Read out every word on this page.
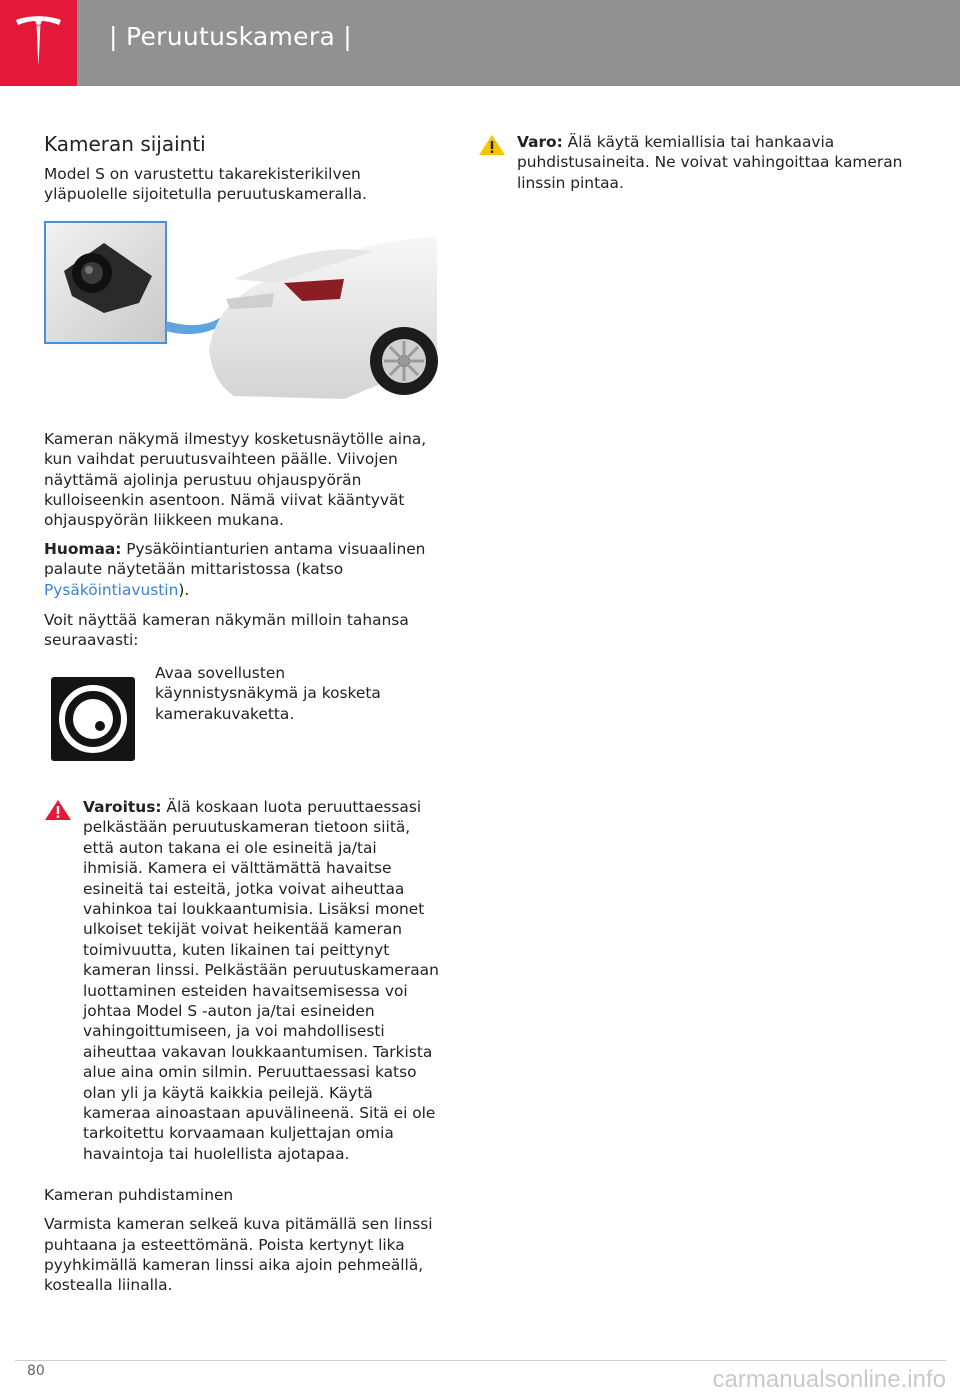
| Peruutuskamera |
Kameran sijainti

Model S on varustettu takarekisterikilven yläpuolelle sijoitetulla peruutuskameralla.

Kameran näkymä ilmestyy kosketusnäytölle aina, kun vaihdat peruutusvaihteen päälle. Viivojen näyttämä ajolinja perustuu ohjauspyörän kulloiseenkin asentoon. Nämä viivat kääntyvät ohjauspyörän liikkeen mukana.

Huomaa: Pysäköintianturien antama visuaalinen palaute näytetään mittaristossa (katso Pysäköintiavustin).

Voit näyttää kameran näkymän milloin tahansa seuraavasti:

Avaa sovellusten käynnistysnäkymä ja kosketa kamerakuvaketta.

Varoitus: Älä koskaan luota peruuttaessasi pelkästään peruutuskameran tietoon siitä, että auton takana ei ole esineitä ja/tai ihmisiä. Kamera ei välttämättä havaitse esineitä tai esteitä, jotka voivat aiheuttaa vahinkoa tai loukkaantumisia. Lisäksi monet ulkoiset tekijät voivat heikentää kameran toimivuutta, kuten likainen tai peittynyt kameran linssi. Pelkästään peruutuskameraan luottaminen esteiden havaitsemisessa voi johtaa Model S -auton ja/tai esineiden vahingoittumiseen, ja voi mahdollisesti aiheuttaa vakavan loukkaantumisen. Tarkista alue aina omin silmin. Peruuttaessasi katso olan yli ja käytä kaikkia peilejä. Käytä kameraa ainoastaan apuvälineenä. Sitä ei ole tarkoitettu korvaamaan kuljettajan omia havaintoja tai huolellista ajotapaa.

Kameran puhdistaminen

Varmista kameran selkeä kuva pitämällä sen linssi puhtaana ja esteettömänä. Poista kertynyt lika pyyhkimällä kameran linssi aika ajoin pehmeällä, kostealla liinalla.

Varo: Älä käytä kemiallisia tai hankaavia puhdistusaineita. Ne voivat vahingoittaa kameran linssin pintaa.

80	carmanualsonline.info
